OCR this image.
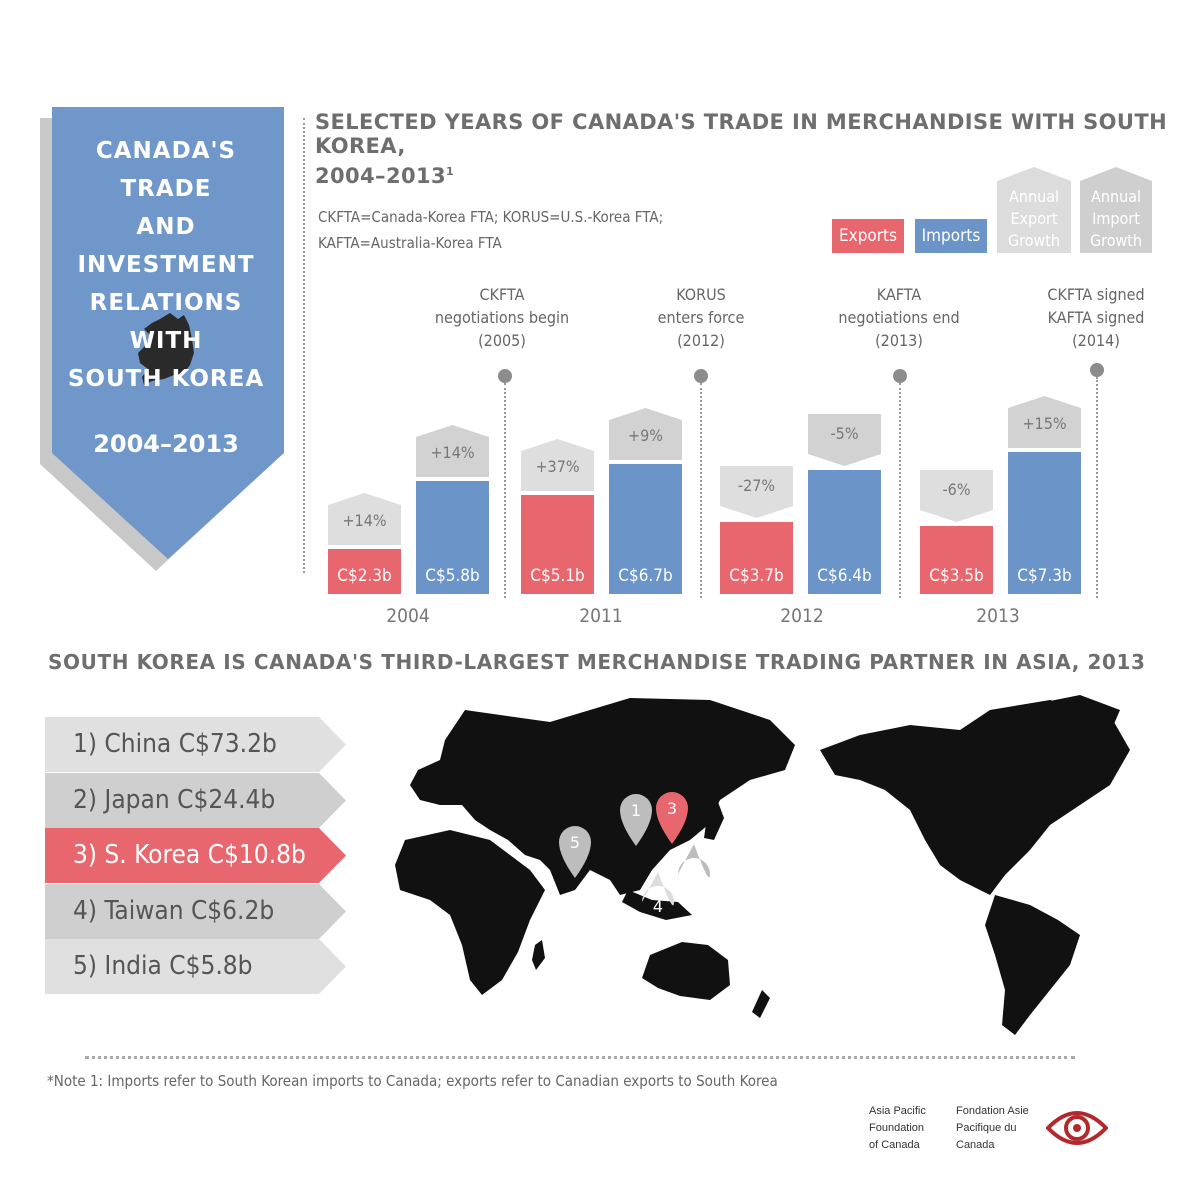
CANADA'S TRADE
AND INVESTMENT
RELATIONS WITH
SOUTH KOREA
2004–2013
SELECTED YEARS OF CANADA'S TRADE IN MERCHANDISE WITH SOUTH KOREA,
2004–2013$^1$
CKFTA=Canada-Korea FTA; KORUS=U.S.-Korea FTA;
KAFTA=Australia-Korea FTA	Exports	Imports
Annual
Export
Growth
Annual
Import
Growth
CKFTA
negotiations begin
(2005)
KORUS
enters force
(2012)
KAFTA
negotiations end
(2013)
CKFTA signed
KAFTA signed
(2014)
C$2.3b
+14%
C$5.1b
+37%
C$3.7b
-27%
C$3.5b
-6%
C$5.8b
+14%
C$6.7b
+9%
C$6.4b
-5%
C$7.3b
+15%
2004	2011	2012	2013
SOUTH KOREA IS CANADA'S THIRD-LARGEST MERCHANDISE TRADING PARTNER IN ASIA, 2013
1) China C$73.2b
2) Japan C$24.4b
3) S. Korea C$10.8b
4) Taiwan C$6.2b
5) India C$5.8b
1
2
3
4
5
*Note 1: Imports refer to South Korean imports to Canada; exports refer to Canadian exports to South Korea
Asia Pacific
Foundation
of Canada
Fondation Asie
Pacifique du
Canada
